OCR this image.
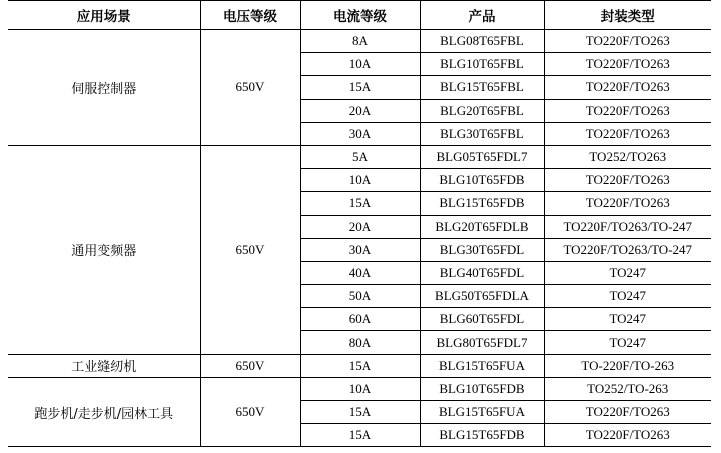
应用场景	电压等级	电流等级	产品	封装类型
伺服控制器	650V	8A	BLG08T65FBL	TO220F/TO263
		10A	BLG10T65FBL	TO220F/TO263
		15A	BLG15T65FBL	TO220F/TO263
		20A	BLG20T65FBL	TO220F/TO263
		30A	BLG30T65FBL	TO220F/TO263
通用变频器	650V	5A	BLG05T65FDL7	TO252/TO263
		10A	BLG10T65FDB	TO220F/TO263
		15A	BLG15T65FDB	TO220F/TO263
		20A	BLG20T65FDLB	TO220F/TO263/TO-247
		30A	BLG30T65FDL	TO220F/TO263/TO-247
		40A	BLG40T65FDL	TO247
		50A	BLG50T65FDLA	TO247
		60A	BLG60T65FDL	TO247
		80A	BLG80T65FDL7	TO247
工业缝纫机	650V	15A	BLG15T65FUA	TO-220F/TO-263
跑步机/走步机/园林工具	650V	10A	BLG10T65FDB	TO252/TO-263
		15A	BLG15T65FUA	TO220F/TO263
		15A	BLG15T65FDB	TO220F/TO263
